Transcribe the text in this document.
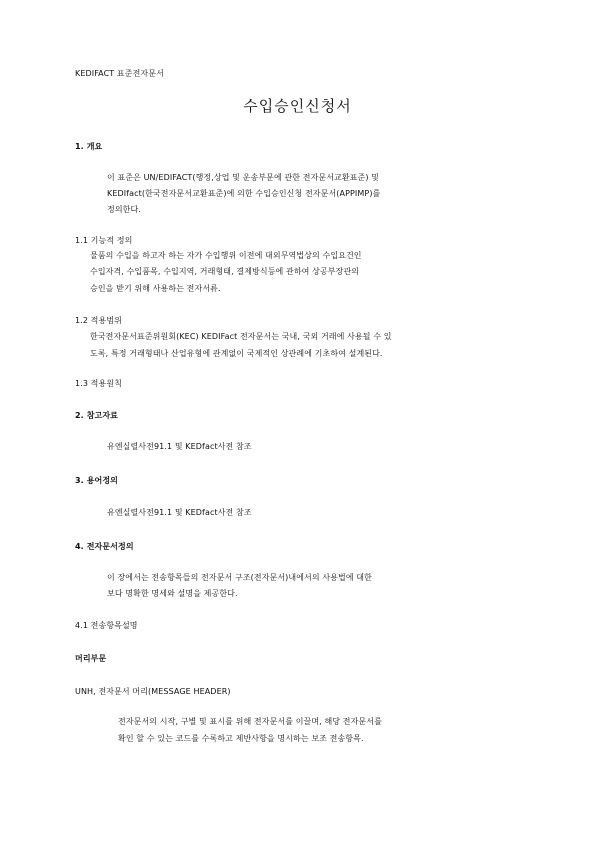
KEDIFACT 표준전자문서
수입승인신청서
1. 개요
이 표준은 UN/EDIFACT(행정,상업 및 운송부문에 관한 전자문서교환표준) 및
KEDIfact(한국전자문서교환표준)에 의한 수입승인신청 전자문서(APPIMP)를
정의한다.
1.1 기능적 정의
물품의 수입을 하고자 하는 자가 수입행위 이전에 대외무역법상의 수입요건인
수입자격, 수입품목, 수입지역, 거래형태, 결제방식등에 관하여 상공부장관의
승인을 받기 위해 사용하는 전자서류.
1.2 적용범위
한국전자문서표준위원회(KEC) KEDIFact 전자문서는 국내, 국외 거래에 사용될 수 있
도록, 특정 거래형태나 산업유형에 관계없이 국제적인 상관례에 기초하여 설계된다.
1.3 적용원칙
2. 참고자료
유엔실렬사전91.1 및 KEDfact사전 참조
3. 용어정의
유엔실렬사전91.1 및 KEDfact사전 참조
4. 전자문서정의
이 장에서는 전송항목들의 전자문서 구조(전자문서)내에서의 사용법에 대한
보다 명확한 명세와 설명을 제공한다.
4.1 전송항목설명
머리부문
UNH, 전자문서 머리(MESSAGE HEADER)
전자문서의 시작, 구별 및 표시를 위해 전자문서를 이끌며, 해당 전자문서를
확인 할 수 있는 코드를 수록하고 제반사항을 명시하는 보조 전송항목.
